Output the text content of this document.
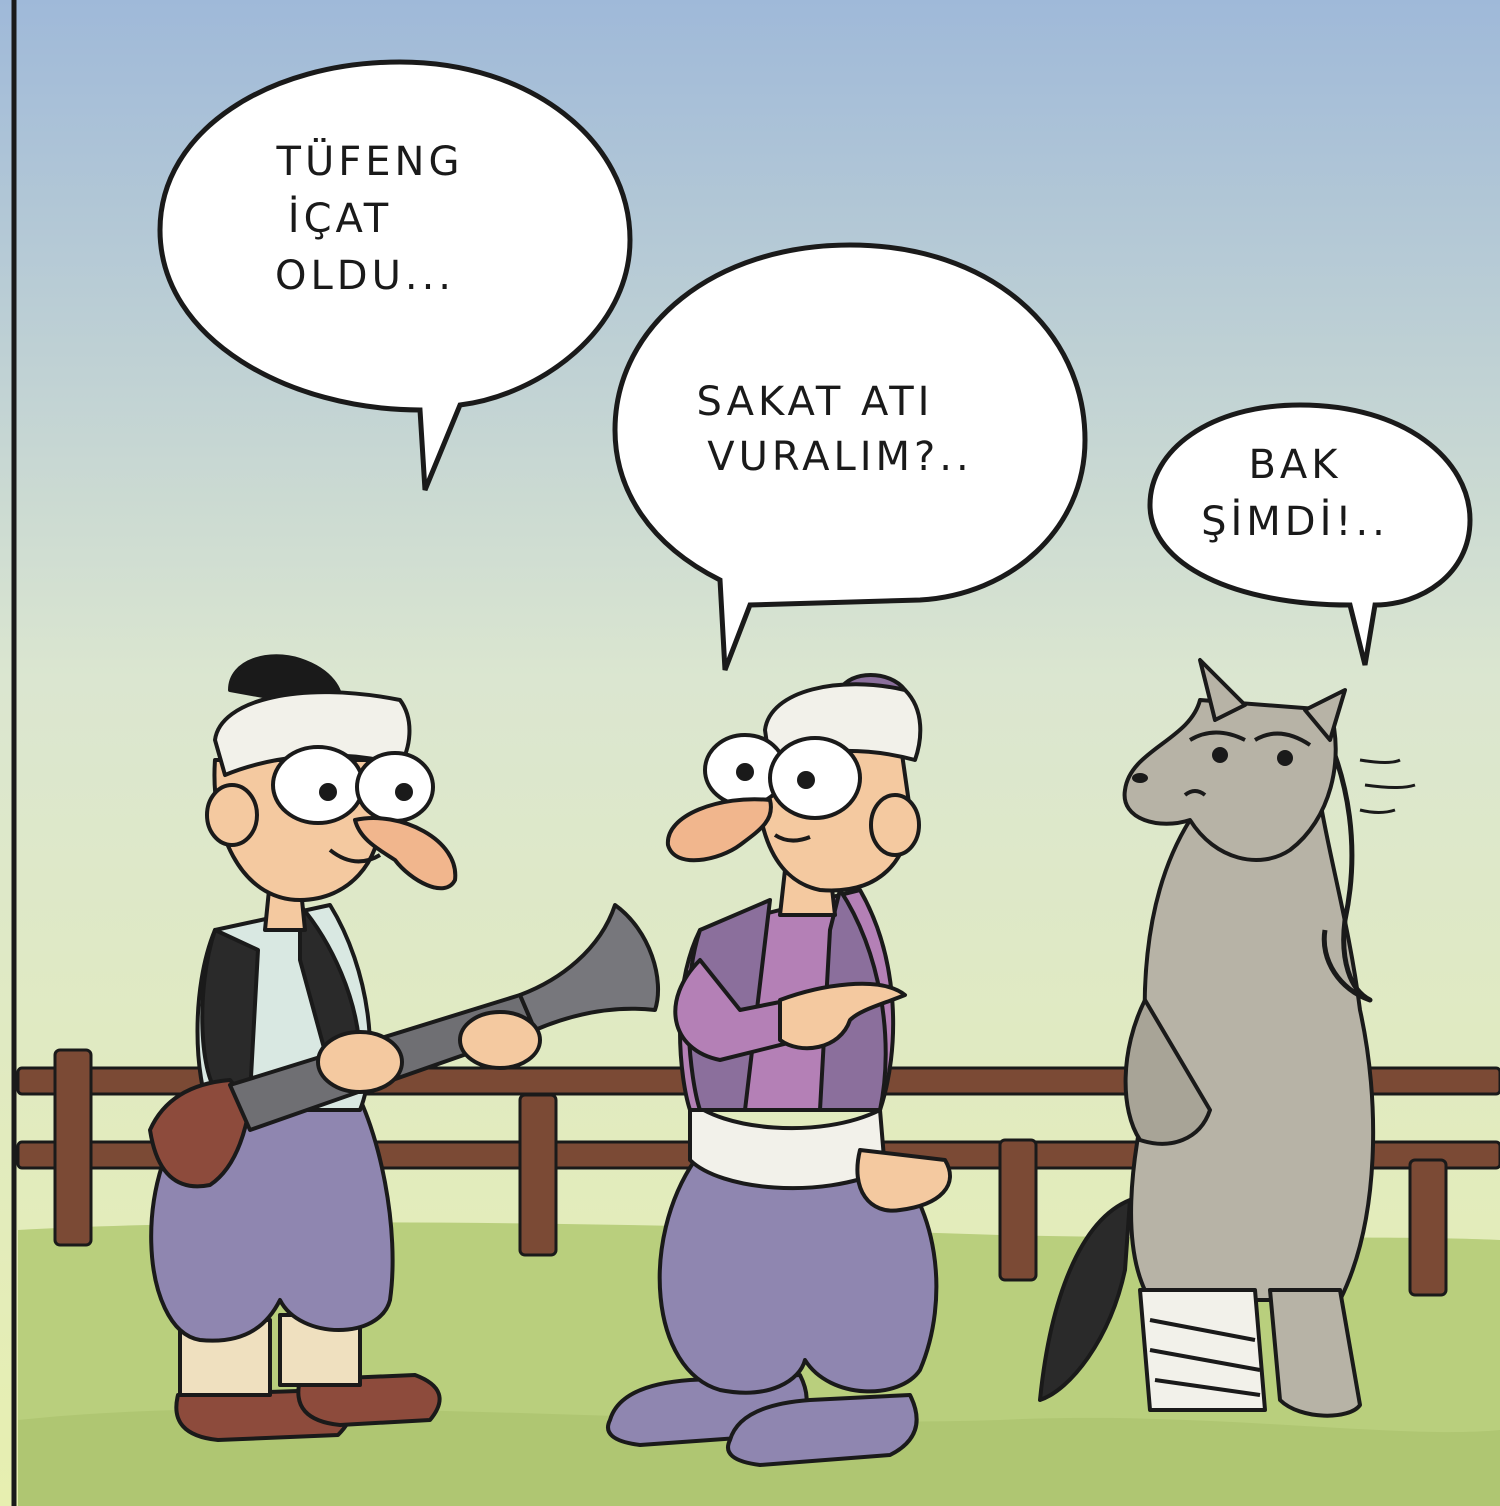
TÜFENG
İÇAT
OLDU...
SAKAT ATI
VURALIM?..	BAK
ŞİMDİ!..
